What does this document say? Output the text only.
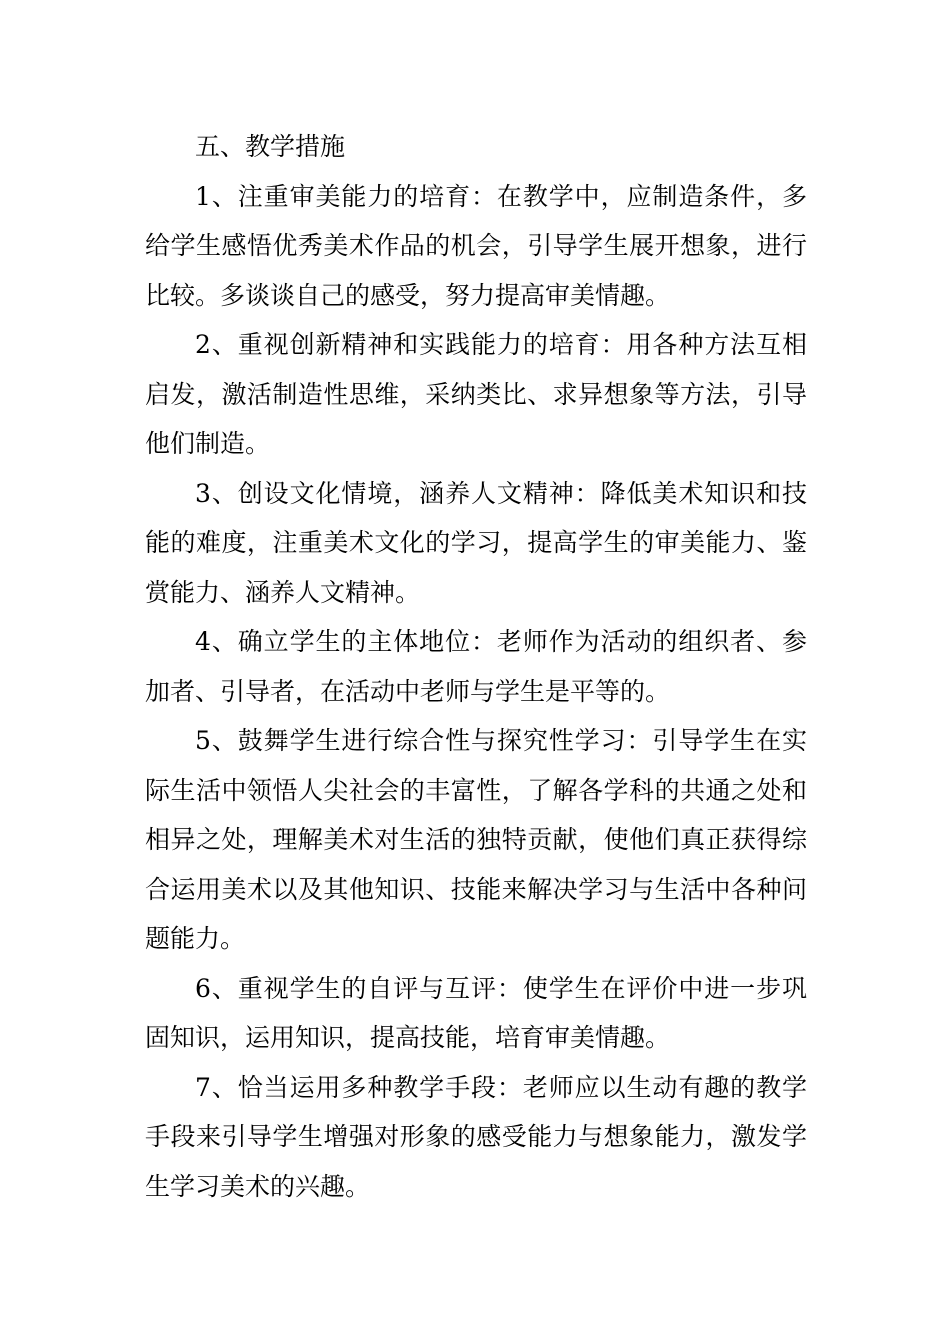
五、教学措施

1、注重审美能力的培育：在教学中，应制造条件，多给学生感悟优秀美术作品的机会，引导学生展开想象，进行比较。多谈谈自己的感受，努力提高审美情趣。

2、重视创新精神和实践能力的培育：用各种方法互相启发，激活制造性思维，采纳类比、求异想象等方法，引导他们制造。

3、创设文化情境，涵养人文精神：降低美术知识和技能的难度，注重美术文化的学习，提高学生的审美能力、鉴赏能力、涵养人文精神。

4、确立学生的主体地位：老师作为活动的组织者、参加者、引导者，在活动中老师与学生是平等的。

5、鼓舞学生进行综合性与探究性学习：引导学生在实际生活中领悟人尖社会的丰富性，了解各学科的共通之处和相异之处，理解美术对生活的独特贡献，使他们真正获得综合运用美术以及其他知识、技能来解决学习与生活中各种问题能力。

6、重视学生的自评与互评：使学生在评价中进一步巩固知识，运用知识，提高技能，培育审美情趣。

7、恰当运用多种教学手段：老师应以生动有趣的教学手段来引导学生增强对形象的感受能力与想象能力，激发学生学习美术的兴趣。
